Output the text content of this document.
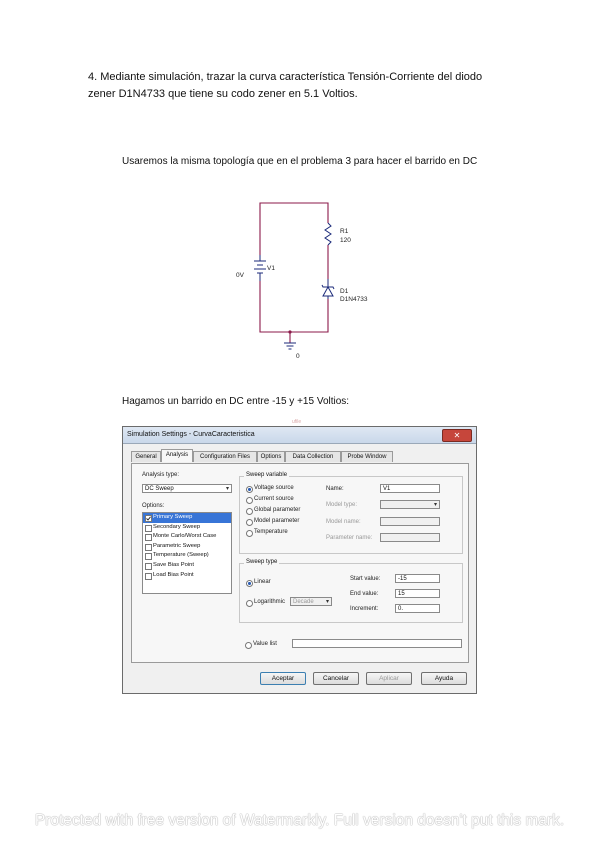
4. Mediante simulación, trazar la curva característica Tensión-Corriente del diodo

zener D1N4733 que tiene su codo zener en 5.1 Voltios.

Usaremos la misma topología que en el problema 3 para hacer el barrido en DC

R1
120
V1
0V
D1
D1N4733
0

Hagamos un barrido en DC entre -15 y +15 Voltios:

ufile
Simulation Settings - CurvaCaracteristica	✕
General	Analysis	Configuration Files	Options	Data Collection	Probe Window
Analysis type:
DC Sweep	▾
Options:
Primary Sweep
Secondary Sweep
Monte Carlo/Worst Case
Parametric Sweep
Temperature (Sweep)
Save Bias Point
Load Bias Point
Sweep variable
Voltage source
Current source
Global parameter
Model parameter
Temperature
Name:	V1
Model type:	▾
Model name:
Parameter name:
Sweep type
Linear
Logarithmic	Decade ▾
Start value:	-15
End value:	15
Increment:	0.
Value list
Aceptar	Cancelar	Aplicar	Ayuda
Protected with free version of Watermarkly. Full version doesn't put this mark.
